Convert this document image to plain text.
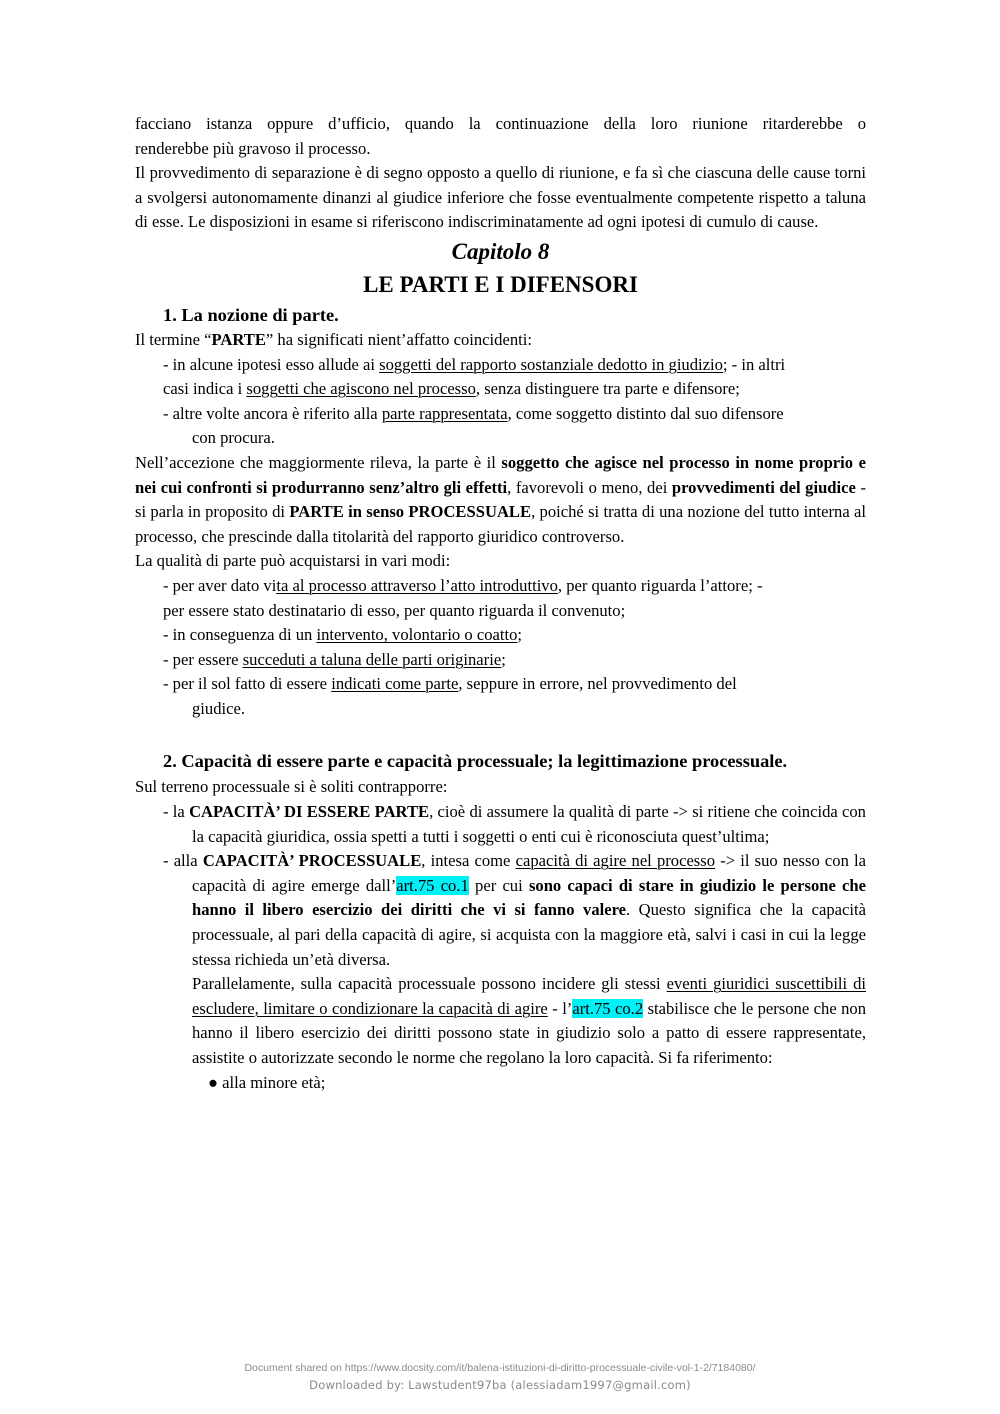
facciano istanza oppure d’ufficio, quando la continuazione della loro riunione ritarderebbe o

renderebbe più gravoso il processo.

Il provvedimento di separazione è di segno opposto a quello di riunione, e fa sì che ciascuna delle cause torni a svolgersi autonomamente dinanzi al giudice inferiore che fosse eventualmente competente rispetto a taluna di esse. Le disposizioni in esame si riferiscono indiscriminatamente ad ogni ipotesi di cumulo di cause.

Capitolo 8
LE PARTI E I DIFENSORI
1. La nozione di parte.

Il termine “PARTE” ha significati nient’affatto coincidenti:

- in alcune ipotesi esso allude ai soggetti del rapporto sostanziale dedotto in giudizio; - in altri

casi indica i soggetti che agiscono nel processo, senza distinguere tra parte e difensore;

- altre volte ancora è riferito alla parte rappresentata, come soggetto distinto dal suo difensore

con procura.

Nell’accezione che maggiormente rileva, la parte è il soggetto che agisce nel processo in nome proprio e nei cui confronti si produrranno senz’altro gli effetti, favorevoli o meno, dei provvedimenti del giudice - si parla in proposito di PARTE in senso PROCESSUALE, poiché si tratta di una nozione del tutto interna al processo, che prescinde dalla titolarità del rapporto giuridico controverso.

La qualità di parte può acquistarsi in vari modi:

- per aver dato vita al processo attraverso l’atto introduttivo, per quanto riguarda l’attore; -

per essere stato destinatario di esso, per quanto riguarda il convenuto;

- in conseguenza di un intervento, volontario o coatto;

- per essere succeduti a taluna delle parti originarie;

- per il sol fatto di essere indicati come parte, seppure in errore, nel provvedimento del

giudice.

2. Capacità di essere parte e capacità processuale; la legittimazione processuale.

Sul terreno processuale si è soliti contrapporre:

- la CAPACITÀ’ DI ESSERE PARTE, cioè di assumere la qualità di parte -> si ritiene che coincida con la capacità giuridica, ossia spetti a tutti i soggetti o enti cui è riconosciuta quest’ultima;

- alla CAPACITÀ’ PROCESSUALE, intesa come capacità di agire nel processo -> il suo nesso con la capacità di agire emerge dall’art.75 co.1 per cui sono capaci di stare in giudizio le persone che hanno il libero esercizio dei diritti che vi si fanno valere. Questo significa che la capacità processuale, al pari della capacità di agire, si acquista con la maggiore età, salvi i casi in cui la legge stessa richieda un’età diversa.

Parallelamente, sulla capacità processuale possono incidere gli stessi eventi giuridici suscettibili di escludere, limitare o condizionare la capacità di agire - l’art.75 co.2 stabilisce che le persone che non hanno il libero esercizio dei diritti possono state in giudizio solo a patto di essere rappresentate, assistite o autorizzate secondo le norme che regolano la loro capacità. Si fa riferimento:

● alla minore età;

Document shared on https://www.docsity.com/it/balena-istituzioni-di-diritto-processuale-civile-vol-1-2/7184080/
Downloaded by: Lawstudent97ba (alessiadam1997@gmail.com)
